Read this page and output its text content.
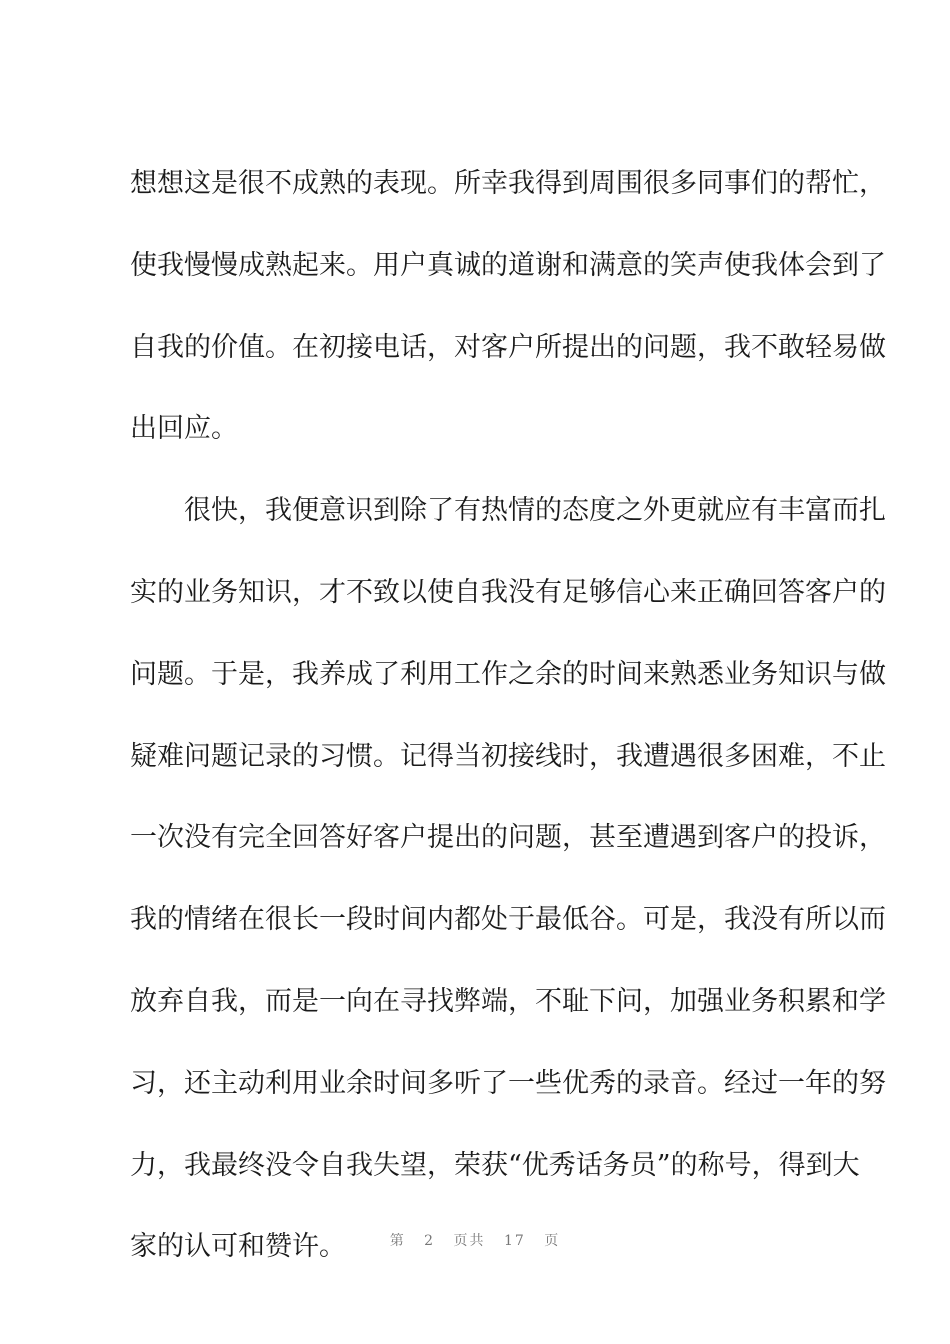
想想这是很不成熟的表现。所幸我得到周围很多同事们的帮忙，
使我慢慢成熟起来。用户真诚的道谢和满意的笑声使我体会到了
自我的价值。在初接电话，对客户所提出的问题，我不敢轻易做
出回应。
很快，我便意识到除了有热情的态度之外更就应有丰富而扎
实的业务知识，才不致以使自我没有足够信心来正确回答客户的
问题。于是，我养成了利用工作之余的时间来熟悉业务知识与做
疑难问题记录的习惯。记得当初接线时，我遭遇很多困难，不止
一次没有完全回答好客户提出的问题，甚至遭遇到客户的投诉，
我的情绪在很长一段时间内都处于最低谷。可是，我没有所以而
放弃自我，而是一向在寻找弊端，不耻下问，加强业务积累和学
习，还主动利用业余时间多听了一些优秀的录音。经过一年的努
力，我最终没令自我失望，荣获“优秀话务员”的称号，得到大
家的认可和赞许。	第 2 页共 17 页
